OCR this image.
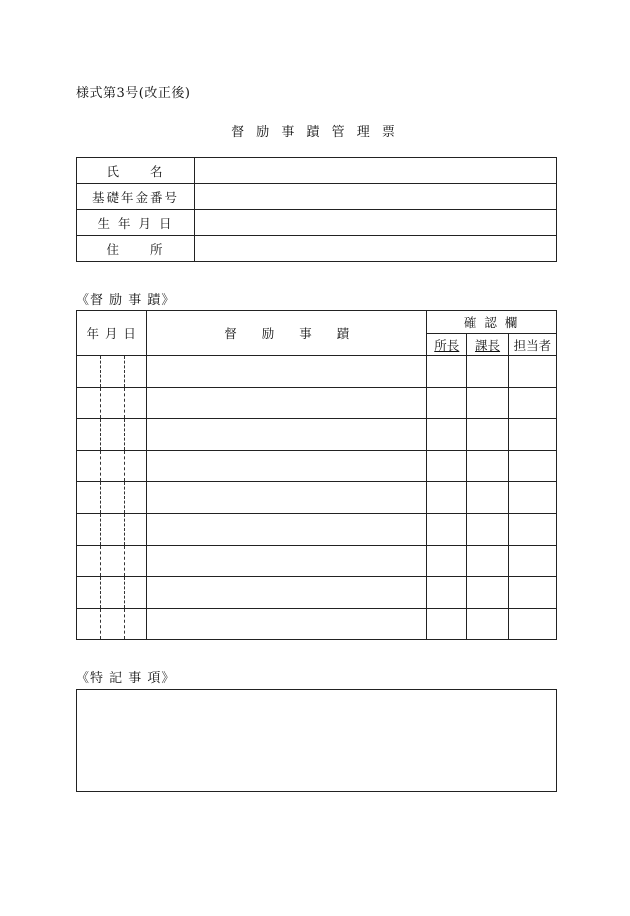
様式第3号(改正後)
督 励 事 蹟 管 理 票
氏　　名	
基礎年金番号	
生 年 月 日	
住　　所	
《督 励 事 蹟》
年 月 日	督　　励　　事　　蹟	確 認 欄		
		所長	課長	担当者

《特 記 事 項》
